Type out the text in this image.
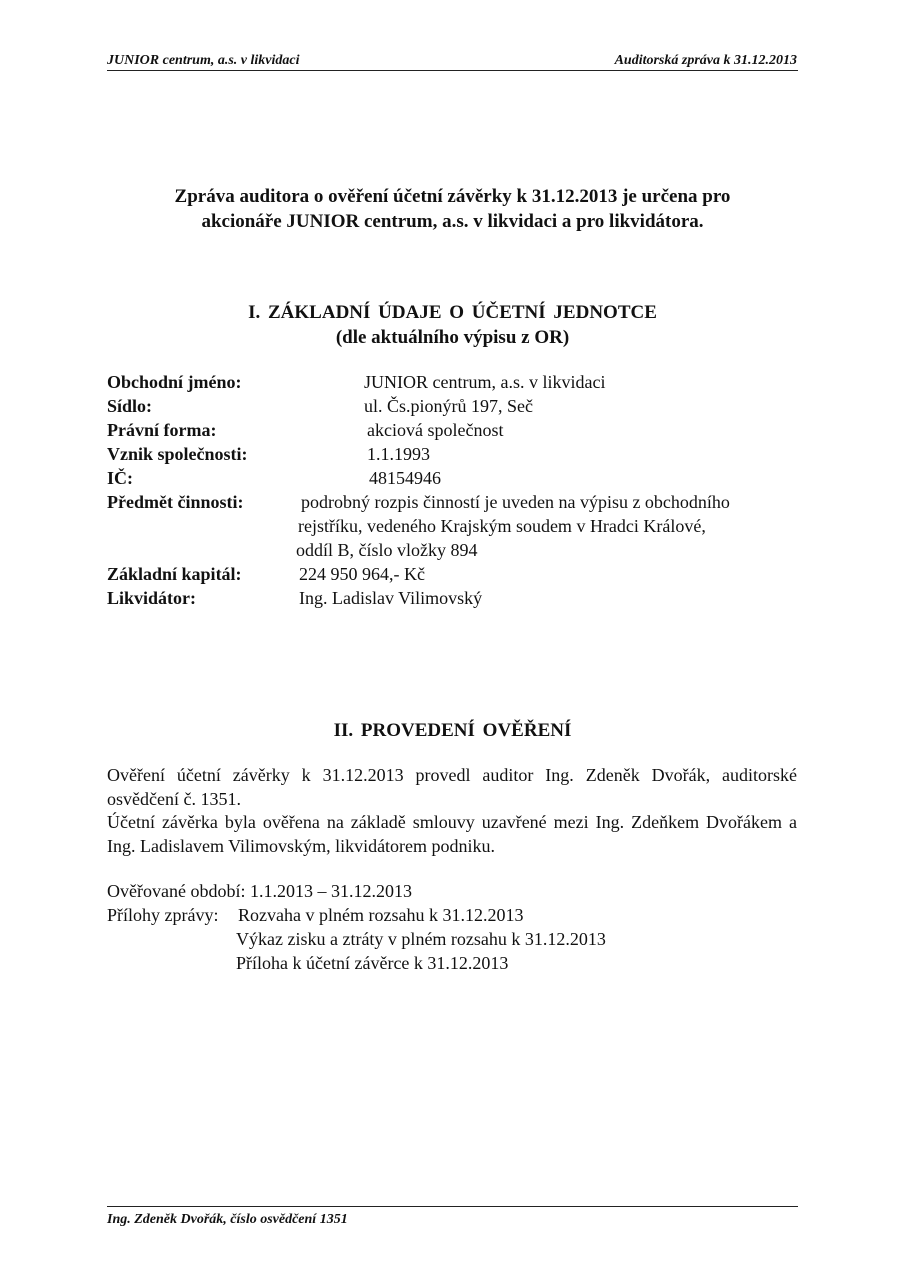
JUNIOR centrum, a.s. v likvidaci	Auditorská zpráva k 31.12.2013
Zpráva auditora o ověření účetní závěrky k 31.12.2013 je určena pro
akcionáře JUNIOR centrum, a.s. v likvidaci a pro likvidátora.
I. ZÁKLADNÍ ÚDAJE O ÚČETNÍ JEDNOTCE
(dle aktuálního výpisu z OR)
Obchodní jméno:	JUNIOR centrum, a.s. v likvidaci
Sídlo:	ul. Čs.pionýrů 197, Seč
Právní forma:	akciová společnost
Vznik společnosti:	1.1.1993
IČ:	48154946
Předmět činnosti:	podrobný rozpis činností je uveden na výpisu z obchodního
rejstříku, vedeného Krajským soudem v Hradci Králové,
oddíl B, číslo vložky 894
Základní kapitál:	224 950 964,- Kč
Likvidátor:	Ing. Ladislav Vilimovský
II. PROVEDENÍ OVĚŘENÍ
Ověření účetní závěrky k 31.12.2013 provedl auditor Ing. Zdeněk Dvořák, auditorské osvědčení č. 1351.
Účetní závěrka byla ověřena na základě smlouvy uzavřené mezi Ing. Zdeňkem Dvořákem a Ing. Ladislavem Vilimovským, likvidátorem podniku.
Ověřované období: 1.1.2013 – 31.12.2013
Přílohy zprávy: Rozvaha v plném rozsahu k 31.12.2013
Výkaz zisku a ztráty v plném rozsahu k 31.12.2013
Příloha k účetní závěrce k 31.12.2013
Ing. Zdeněk Dvořák, číslo osvědčení 1351
